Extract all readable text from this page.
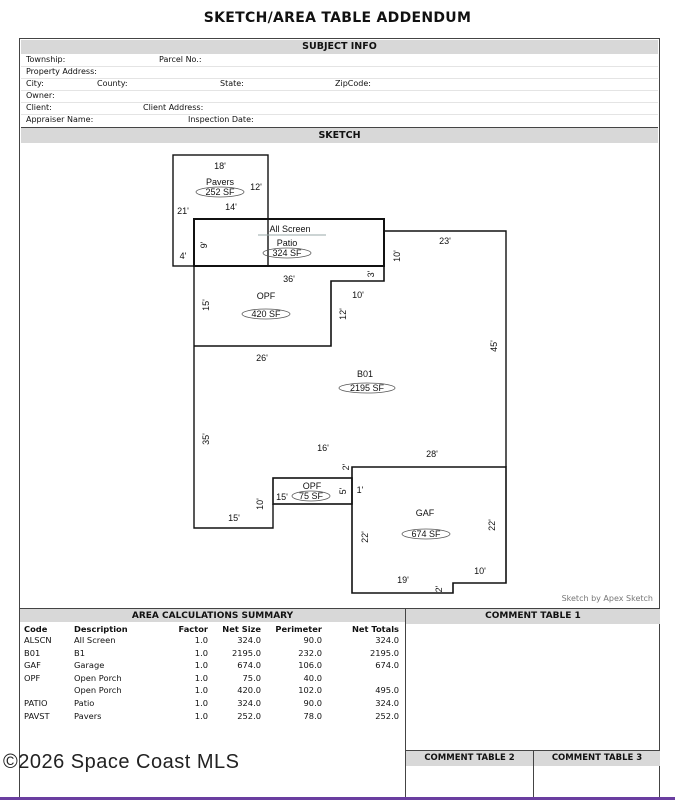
SKETCH/AREA TABLE ADDENDUM
SUBJECT INFO
Township:	Parcel No.:
Property Address:
City:	County:	State:	ZipCode:
Owner:
Client:	Client Address:
Appraiser Name:	Inspection Date:
SKETCH
Pavers
252 SF
All Screen
Patio
324 SF
OPF
420 SF
B01
2195 SF
OPF
75 SF
GAF
674 SF
18'
12'
14'
21'
4'
9'
10'
23'
36'	3'
10'
15'
12'
45'
26'
35'
16'
2'
28'
5'
15'
1'
10'
15'
22'
22'
10'
19'
2'
Sketch by Apex Sketch
AREA CALCULATIONS SUMMARY
Code	Description	Factor	Net Size	Perimeter	Net Totals
ALSCN	All Screen	1.0	324.0	90.0	324.0
B01	B1	1.0	2195.0	232.0	2195.0
GAF	Garage	1.0	674.0	106.0	674.0
OPF	Open Porch	1.0	75.0	40.0	
	Open Porch	1.0	420.0	102.0	495.0
PATIO	Patio	1.0	324.0	90.0	324.0
PAVST	Pavers	1.0	252.0	78.0	252.0
COMMENT TABLE 1
COMMENT TABLE 2	COMMENT TABLE 3
©2026 Space Coast MLS
